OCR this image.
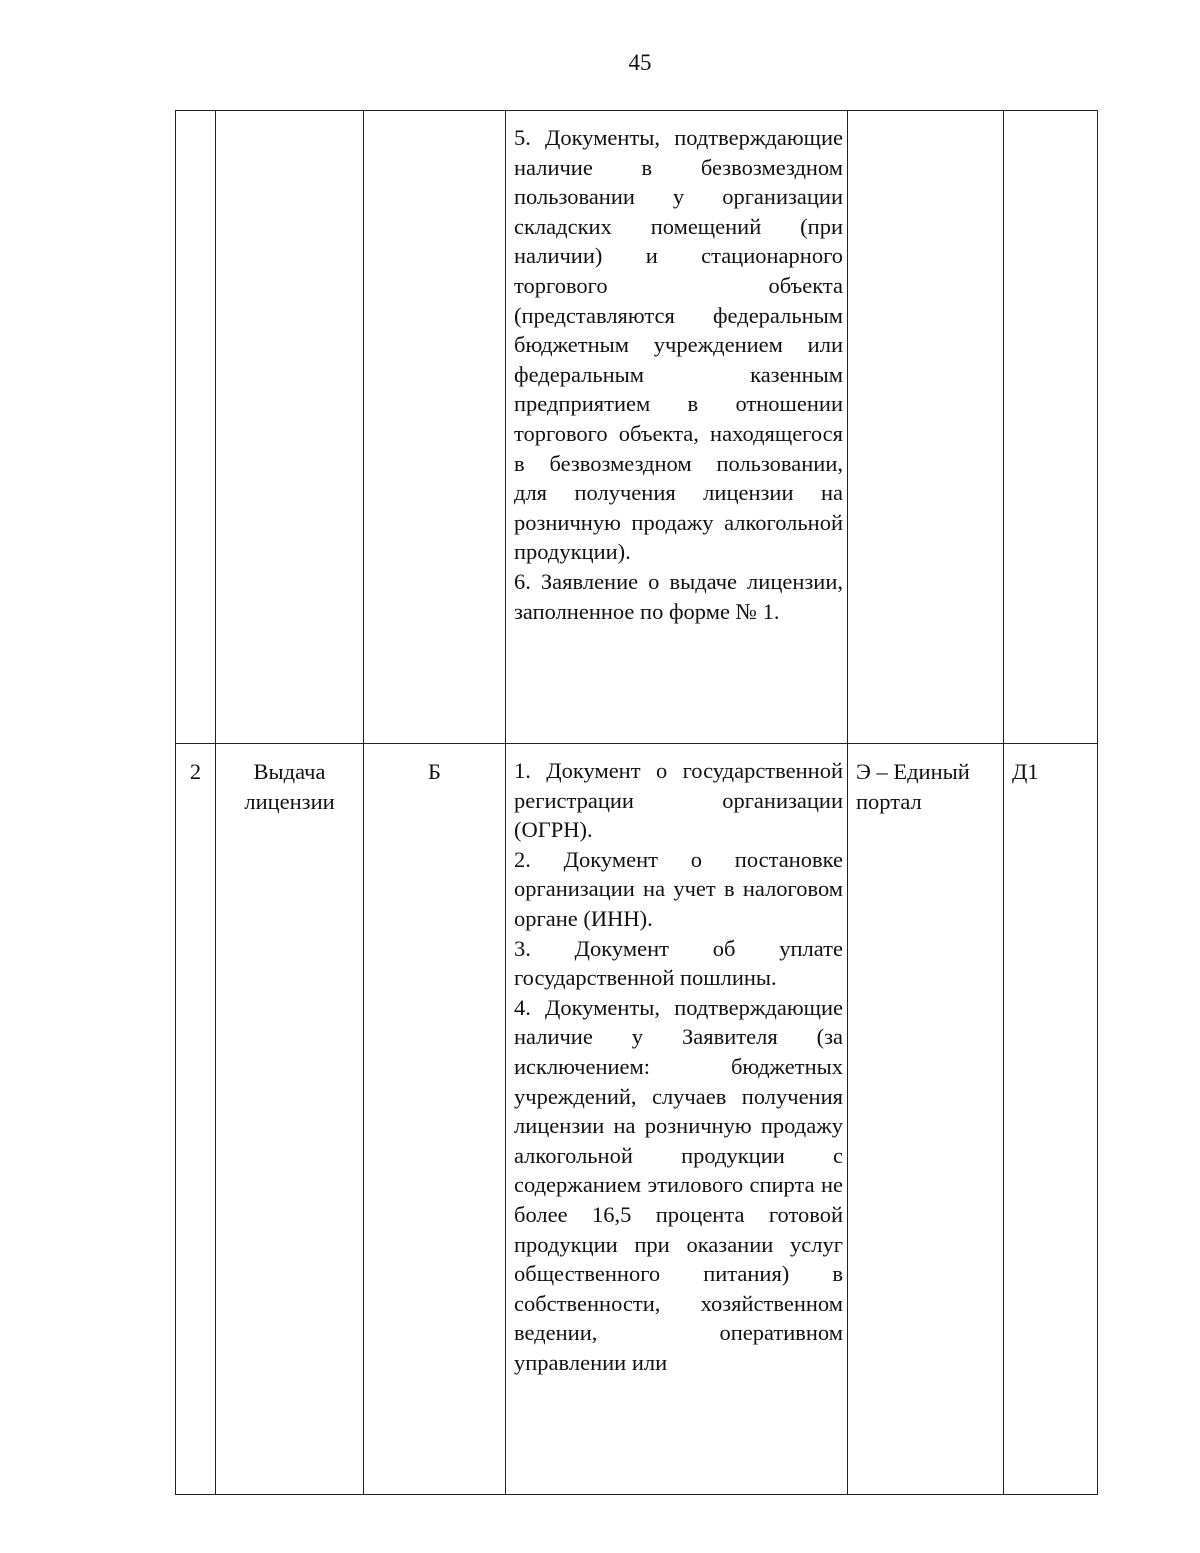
45

			5. Документы, подтверждающие наличие в безвозмездном пользовании у организации складских помещений (при наличии) и стационарного торгового объекта (представляются федеральным бюджетным учреждением или федеральным казенным предприятием в отношении торгового объекта, находящегося в безвозмездном пользовании, для получения лицензии на розничную продажу алкогольной продукции).
6. Заявление о выдаче лицензии, заполненное по форме № 1.		

2	Выдача лицензии	Б	1. Документ о государственной регистрации организации (ОГРН).
2. Документ о постановке организации на учет в налоговом органе (ИНН).
3. Документ об уплате государственной пошлины.
4. Документы, подтверждающие наличие у Заявителя (за исключением: бюджетных учреждений, случаев получения лицензии на розничную продажу алкогольной продукции с содержанием этилового спирта не более 16,5 процента готовой продукции при оказании услуг общественного питания) в собственности, хозяйственном ведении, оперативном управлении или	Э – Единый портал	Д1
